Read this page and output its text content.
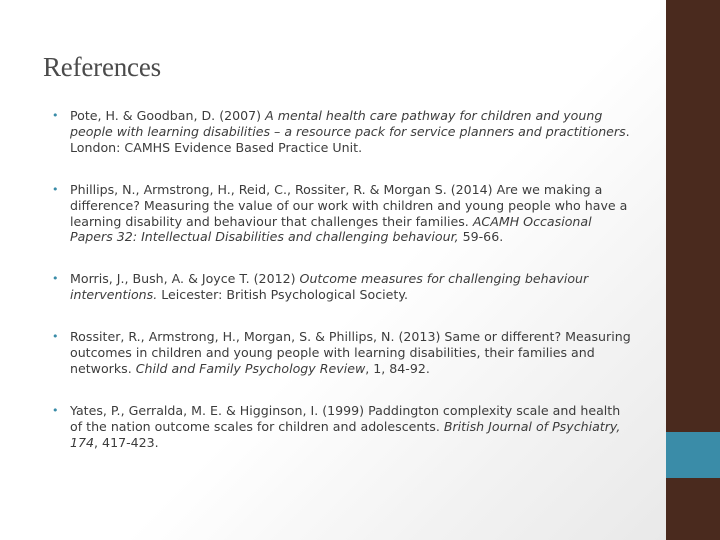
References
• Pote, H. & Goodban, D. (2007) A mental health care pathway for children and young people with learning disabilities – a resource pack for service planners and practitioners. London: CAMHS Evidence Based Practice Unit.
• Phillips, N., Armstrong, H., Reid, C., Rossiter, R. & Morgan S. (2014) Are we making a difference? Measuring the value of our work with children and young people who have a learning disability and behaviour that challenges their families. ACAMH Occasional Papers 32: Intellectual Disabilities and challenging behaviour, 59-66.
• Morris, J., Bush, A. & Joyce T. (2012) Outcome measures for challenging behaviour interventions. Leicester: British Psychological Society.
• Rossiter, R., Armstrong, H., Morgan, S. & Phillips, N. (2013) Same or different? Measuring outcomes in children and young people with learning disabilities, their families and networks. Child and Family Psychology Review, 1, 84-92.
• Yates, P., Gerralda, M. E. & Higginson, I. (1999) Paddington complexity scale and health of the nation outcome scales for children and adolescents. British Journal of Psychiatry, 174, 417-423.
